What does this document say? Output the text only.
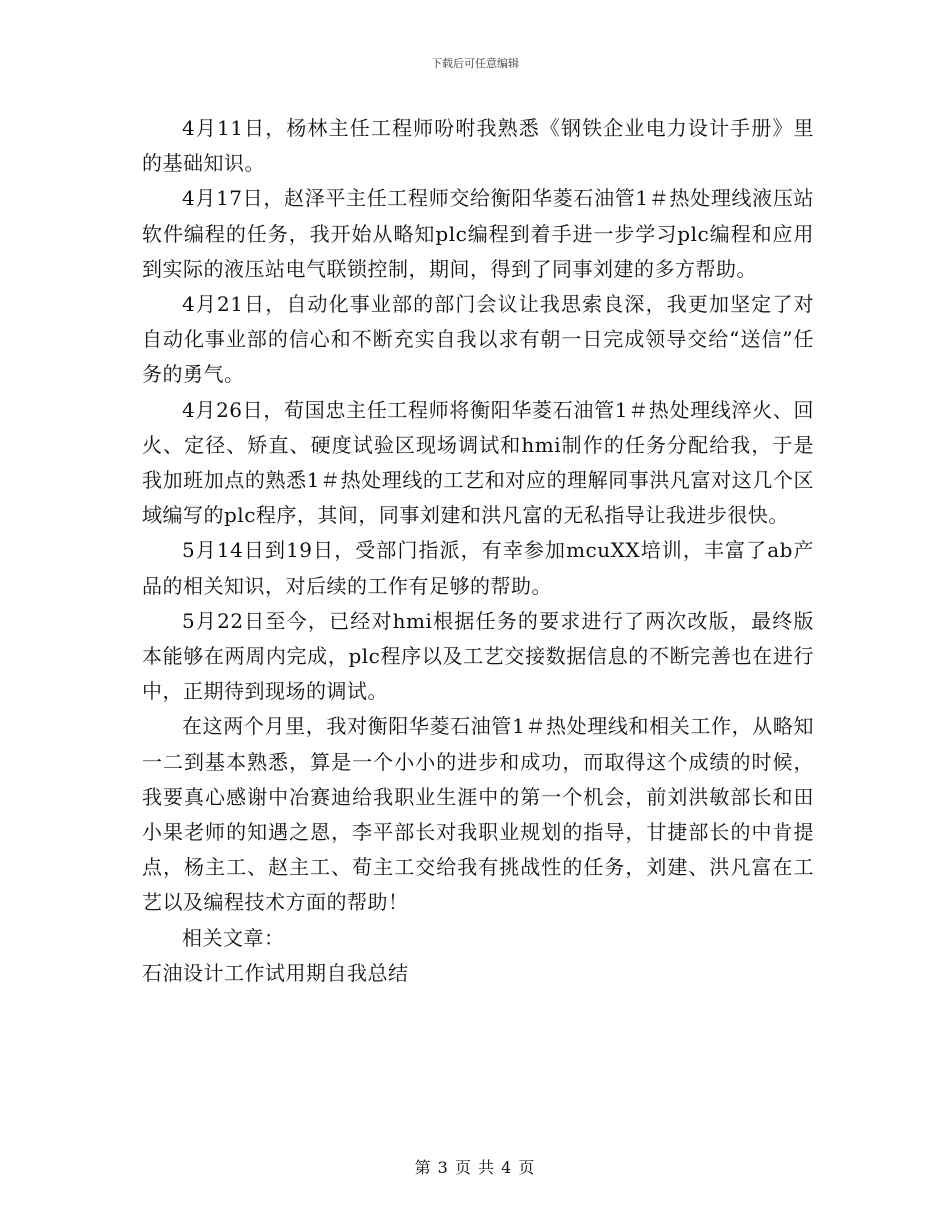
下载后可任意编辑

4月11日，杨林主任工程师吩咐我熟悉《钢铁企业电力设计手册》里的基础知识。

4月17日，赵泽平主任工程师交给衡阳华菱石油管1＃热处理线液压站软件编程的任务，我开始从略知plc编程到着手进一步学习plc编程和应用到实际的液压站电气联锁控制，期间，得到了同事刘建的多方帮助。

4月21日，自动化事业部的部门会议让我思索良深，我更加坚定了对自动化事业部的信心和不断充实自我以求有朝一日完成领导交给“送信”任务的勇气。

4月26日，荀国忠主任工程师将衡阳华菱石油管1＃热处理线淬火、回火、定径、矫直、硬度试验区现场调试和hmi制作的任务分配给我，于是我加班加点的熟悉1＃热处理线的工艺和对应的理解同事洪凡富对这几个区域编写的plc程序，其间，同事刘建和洪凡富的无私指导让我进步很快。

5月14日到19日，受部门指派，有幸参加mcuXX培训，丰富了ab产品的相关知识，对后续的工作有足够的帮助。

5月22日至今，已经对hmi根据任务的要求进行了两次改版，最终版本能够在两周内完成，plc程序以及工艺交接数据信息的不断完善也在进行中，正期待到现场的调试。

在这两个月里，我对衡阳华菱石油管1＃热处理线和相关工作，从略知一二到基本熟悉，算是一个小小的进步和成功，而取得这个成绩的时候，我要真心感谢中冶赛迪给我职业生涯中的第一个机会，前刘洪敏部长和田小果老师的知遇之恩，李平部长对我职业规划的指导，甘捷部长的中肯提点，杨主工、赵主工、荀主工交给我有挑战性的任务，刘建、洪凡富在工艺以及编程技术方面的帮助！

相关文章：

石油设计工作试用期自我总结

第 3 页 共 4 页
